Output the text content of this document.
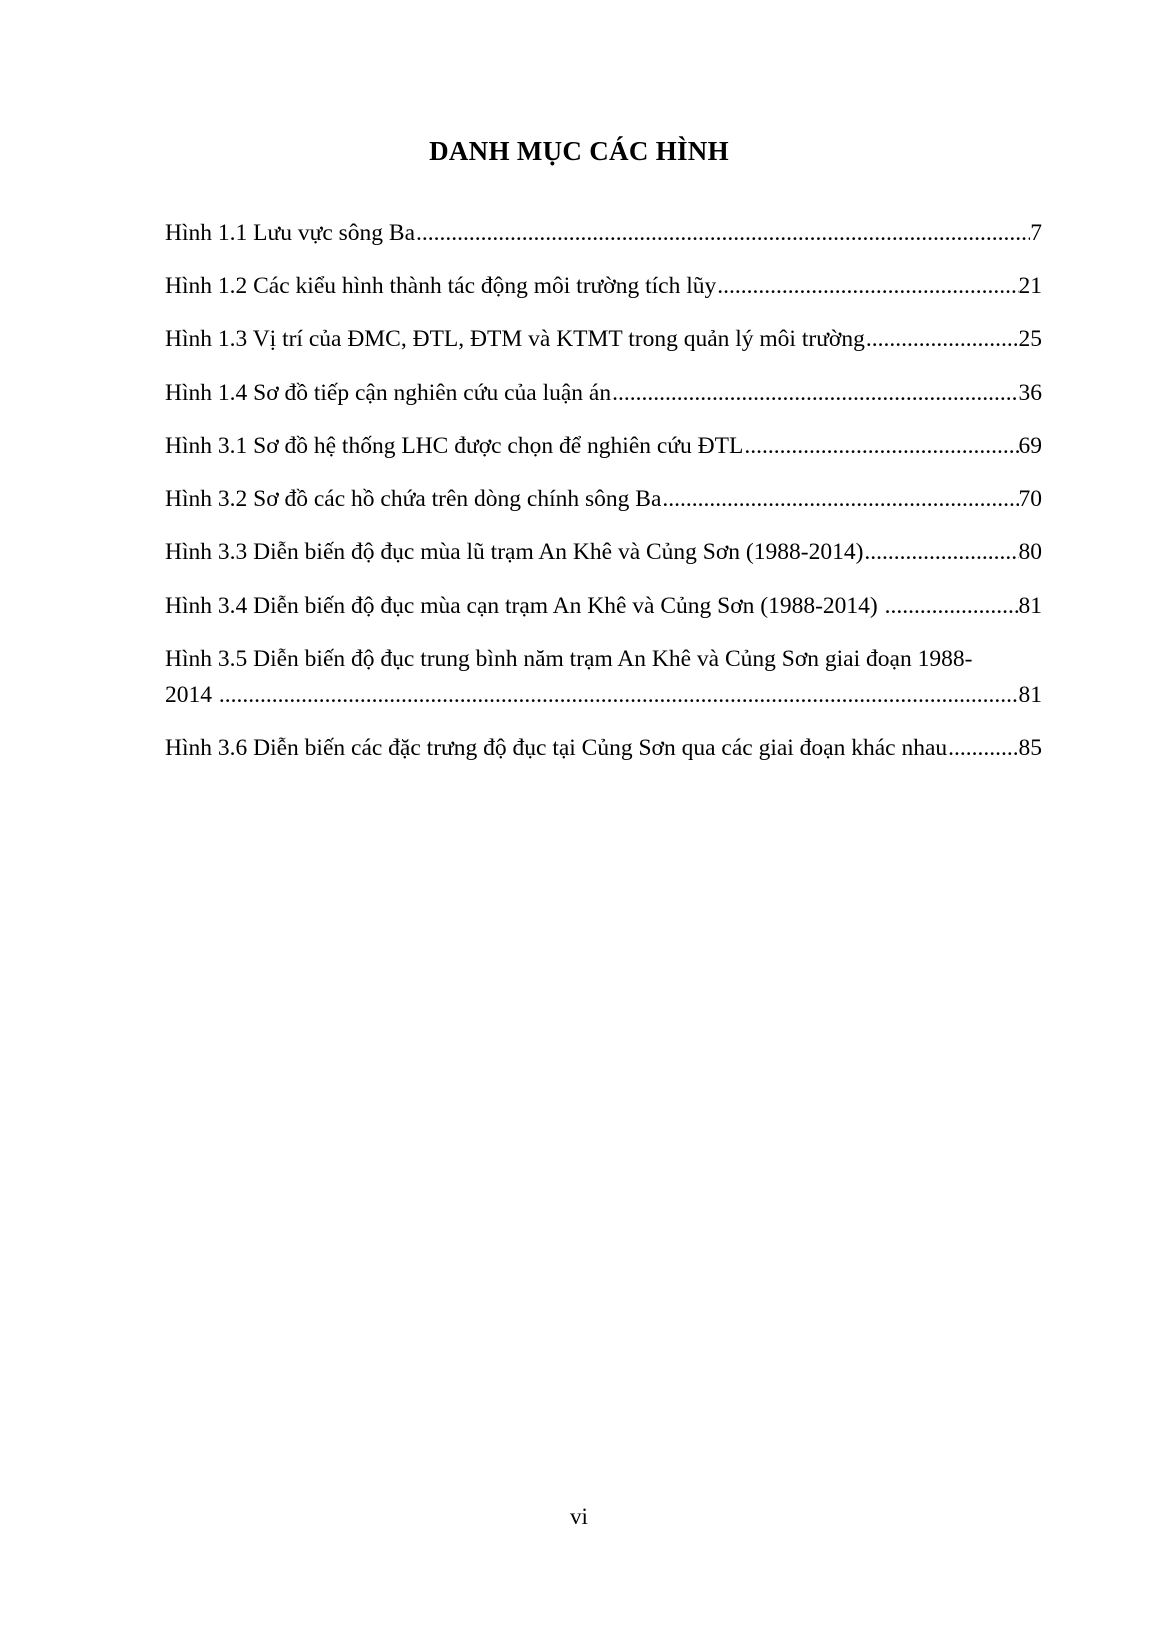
DANH MỤC CÁC HÌNH
Hình 1.1 Lưu vực sông Ba .....	7
Hình 1.2 Các kiểu hình thành tác động môi trường tích lũy .....	21
Hình 1.3 Vị trí của ĐMC, ĐTL, ĐTM và KTMT trong quản lý môi trường .....	25
Hình 1.4 Sơ đồ tiếp cận nghiên cứu của luận án .....	36
Hình 3.1 Sơ đồ hệ thống LHC được chọn để nghiên cứu ĐTL .....	69
Hình 3.2 Sơ đồ các hồ chứa trên dòng chính sông Ba .....	70
Hình 3.3 Diễn biến độ đục mùa lũ trạm An Khê và Củng Sơn (1988-2014) .....	80
Hình 3.4 Diễn biến độ đục mùa cạn trạm An Khê và Củng Sơn (1988-2014) .....	81
Hình 3.5 Diễn biến độ đục trung bình năm trạm An Khê và Củng Sơn giai đoạn 1988-
2014 .....	81
Hình 3.6 Diễn biến các đặc trưng độ đục tại Củng Sơn qua các giai đoạn khác nhau .....	85
vi
